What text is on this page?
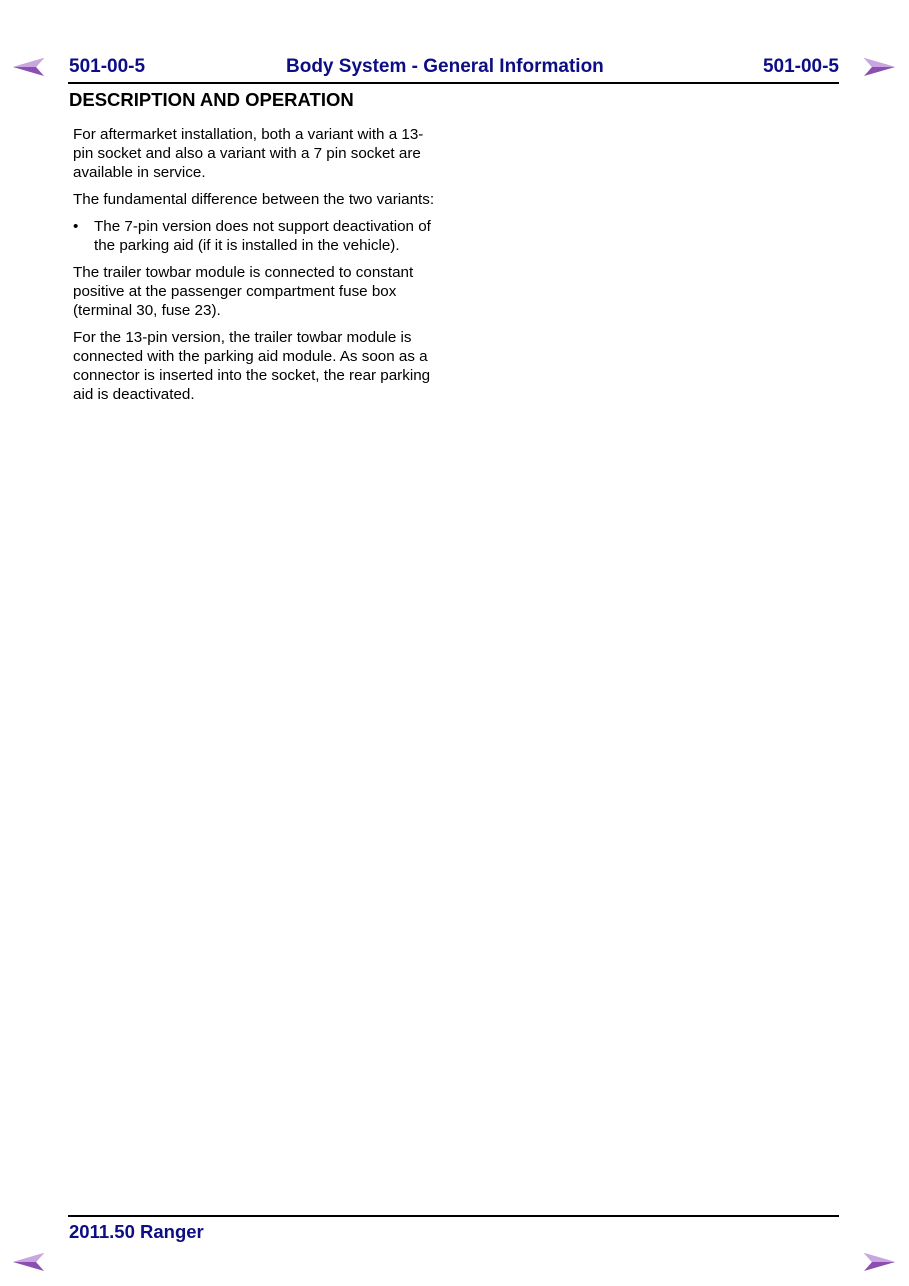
501-00-5	Body System - General Information	501-00-5
DESCRIPTION AND OPERATION

For aftermarket installation, both a variant with a 13-pin socket and also a variant with a 7 pin socket are available in service.

The fundamental difference between the two variants:

• The 7-pin version does not support deactivation of the parking aid (if it is installed in the vehicle).

The trailer towbar module is connected to constant positive at the passenger compartment fuse box (terminal 30, fuse 23).

For the 13-pin version, the trailer towbar module is connected with the parking aid module. As soon as a connector is inserted into the socket, the rear parking aid is deactivated.

2011.50 Ranger
